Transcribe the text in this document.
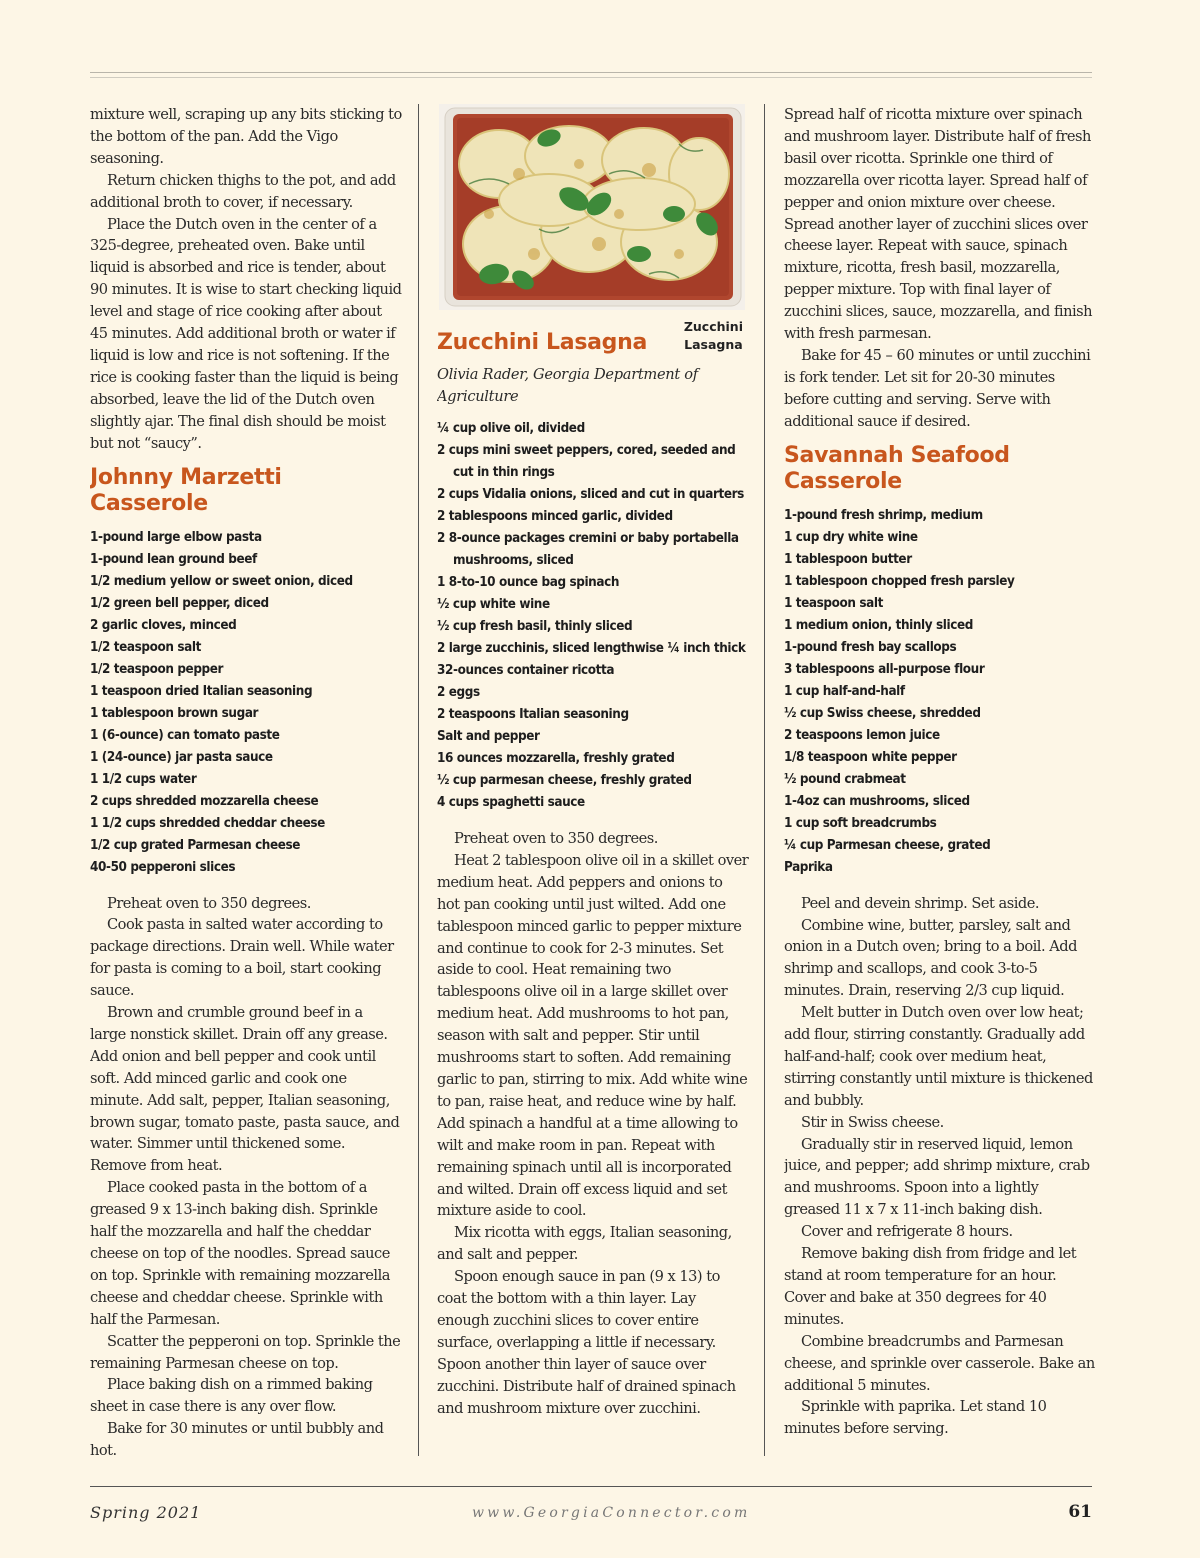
mixture well, scraping up any bits sticking to the bottom of the pan. Add the Vigo seasoning.

Return chicken thighs to the pot, and add additional broth to cover, if necessary.

Place the Dutch oven in the center of a 325-degree, preheated oven. Bake until liquid is absorbed and rice is tender, about 90 minutes. It is wise to start checking liquid level and stage of rice cooking after about 45 minutes. Add additional broth or water if liquid is low and rice is not softening. If the rice is cooking faster than the liquid is being absorbed, leave the lid of the Dutch oven slightly ajar. The final dish should be moist but not “saucy”.

Johnny Marzetti Casserole
1-pound large elbow pasta
1-pound lean ground beef
1/2 medium yellow or sweet onion, diced
1/2 green bell pepper, diced
2 garlic cloves, minced
1/2 teaspoon salt
1/2 teaspoon pepper
1 teaspoon dried Italian seasoning
1 tablespoon brown sugar
1 (6-ounce) can tomato paste
1 (24-ounce) jar pasta sauce
1 1/2 cups water
2 cups shredded mozzarella cheese
1 1/2 cups shredded cheddar cheese
1/2 cup grated Parmesan cheese
40-50 pepperoni slices

Preheat oven to 350 degrees.

Cook pasta in salted water according to package directions. Drain well. While water for pasta is coming to a boil, start cooking sauce.

Brown and crumble ground beef in a large nonstick skillet. Drain off any grease. Add onion and bell pepper and cook until soft. Add minced garlic and cook one minute. Add salt, pepper, Italian seasoning, brown sugar, tomato paste, pasta sauce, and water. Simmer until thickened some. Remove from heat.

Place cooked pasta in the bottom of a greased 9 x 13-inch baking dish. Sprinkle half the mozzarella and half the cheddar cheese on top of the noodles. Spread sauce on top. Sprinkle with remaining mozzarella cheese and cheddar cheese. Sprinkle with half the Parmesan.

Scatter the pepperoni on top. Sprinkle the remaining Parmesan cheese on top.

Place baking dish on a rimmed baking sheet in case there is any over flow.

Bake for 30 minutes or until bubbly and hot.

Zucchini
Lasagna
Zucchini Lasagna
Olivia Rader, Georgia Department of Agriculture
¼ cup olive oil, divided
2 cups mini sweet peppers, cored, seeded and cut in thin rings
2 cups Vidalia onions, sliced and cut in quarters
2 tablespoons minced garlic, divided
2 8-ounce packages cremini or baby portabella mushrooms, sliced
1 8-to-10 ounce bag spinach
½ cup white wine
½ cup fresh basil, thinly sliced
2 large zucchinis, sliced lengthwise ¼ inch thick
32-ounces container ricotta
2 eggs
2 teaspoons Italian seasoning
Salt and pepper
16 ounces mozzarella, freshly grated
½ cup parmesan cheese, freshly grated
4 cups spaghetti sauce

Preheat oven to 350 degrees.

Heat 2 tablespoon olive oil in a skillet over medium heat. Add peppers and onions to hot pan cooking until just wilted. Add one tablespoon minced garlic to pepper mixture and continue to cook for 2-3 minutes. Set aside to cool. Heat remaining two tablespoons olive oil in a large skillet over medium heat. Add mushrooms to hot pan, season with salt and pepper. Stir until mushrooms start to soften. Add remaining garlic to pan, stirring to mix. Add white wine to pan, raise heat, and reduce wine by half. Add spinach a handful at a time allowing to wilt and make room in pan. Repeat with remaining spinach until all is incorporated and wilted. Drain off excess liquid and set mixture aside to cool.

Mix ricotta with eggs, Italian seasoning, and salt and pepper.

Spoon enough sauce in pan (9 x 13) to coat the bottom with a thin layer. Lay enough zucchini slices to cover entire surface, overlapping a little if necessary. Spoon another thin layer of sauce over zucchini. Distribute half of drained spinach and mushroom mixture over zucchini.

Spread half of ricotta mixture over spinach and mushroom layer. Distribute half of fresh basil over ricotta. Sprinkle one third of mozzarella over ricotta layer. Spread half of pepper and onion mixture over cheese. Spread another layer of zucchini slices over cheese layer. Repeat with sauce, spinach mixture, ricotta, fresh basil, mozzarella, pepper mixture. Top with final layer of zucchini slices, sauce, mozzarella, and finish with fresh parmesan.

Bake for 45 – 60 minutes or until zucchini is fork tender. Let sit for 20-30 minutes before cutting and serving. Serve with additional sauce if desired.

Savannah Seafood Casserole
1-pound fresh shrimp, medium
1 cup dry white wine
1 tablespoon butter
1 tablespoon chopped fresh parsley
1 teaspoon salt
1 medium onion, thinly sliced
1-pound fresh bay scallops
3 tablespoons all-purpose flour
1 cup half-and-half
½ cup Swiss cheese, shredded
2 teaspoons lemon juice
1/8 teaspoon white pepper
½ pound crabmeat
1-4oz can mushrooms, sliced
1 cup soft breadcrumbs
¼ cup Parmesan cheese, grated
Paprika

Peel and devein shrimp. Set aside.

Combine wine, butter, parsley, salt and onion in a Dutch oven; bring to a boil. Add shrimp and scallops, and cook 3-to-5 minutes. Drain, reserving 2/3 cup liquid.

Melt butter in Dutch oven over low heat; add flour, stirring constantly. Gradually add half-and-half; cook over medium heat, stirring constantly until mixture is thickened and bubbly.

Stir in Swiss cheese.

Gradually stir in reserved liquid, lemon juice, and pepper; add shrimp mixture, crab and mushrooms. Spoon into a lightly greased 11 x 7 x 11-inch baking dish.

Cover and refrigerate 8 hours.

Remove baking dish from fridge and let stand at room temperature for an hour. Cover and bake at 350 degrees for 40 minutes.

Combine breadcrumbs and Parmesan cheese, and sprinkle over casserole. Bake an additional 5 minutes.

Sprinkle with paprika. Let stand 10 minutes before serving.

Spring 2021	www.GeorgiaConnector.com	61
